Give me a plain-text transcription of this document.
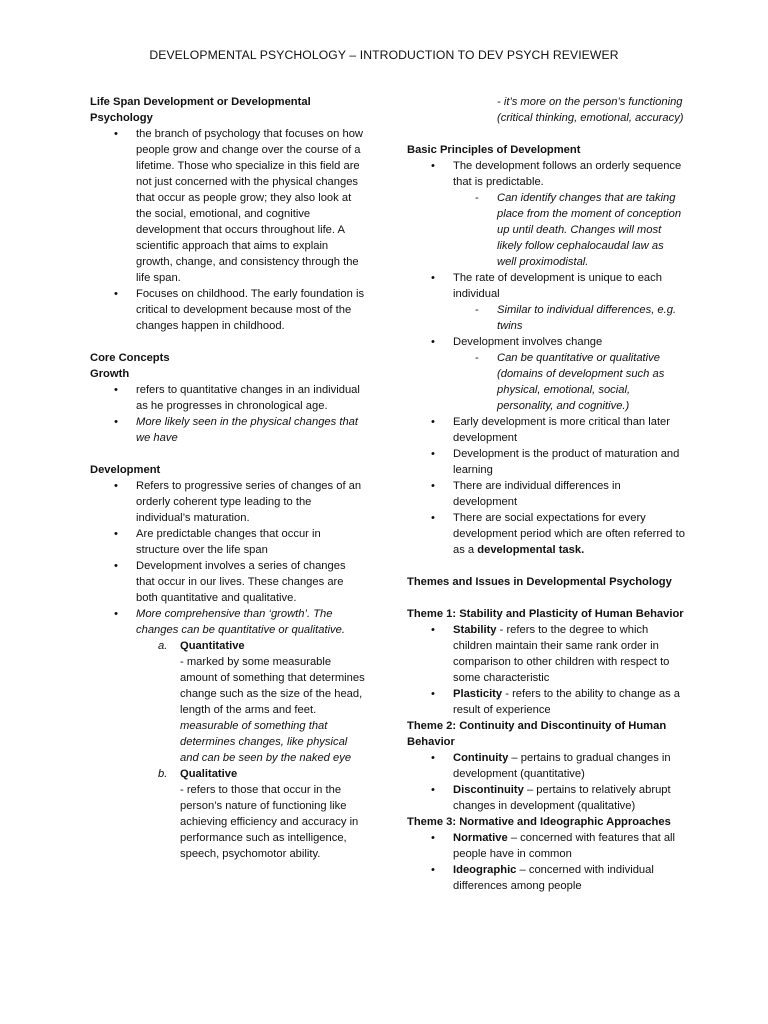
DEVELOPMENTAL PSYCHOLOGY – INTRODUCTION TO DEV PSYCH REVIEWER
Life Span Development or Developmental Psychology
• the branch of psychology that focuses on how people grow and change over the course of a lifetime. Those who specialize in this field are not just concerned with the physical changes that occur as people grow; they also look at the social, emotional, and cognitive development that occurs throughout life. A scientific approach that aims to explain growth, change, and consistency through the life span.
• Focuses on childhood. The early foundation is critical to development because most of the changes happen in childhood.
Core Concepts
Growth
• refers to quantitative changes in an individual as he progresses in chronological age.
• More likely seen in the physical changes that we have
Development
• Refers to progressive series of changes of an orderly coherent type leading to the individual’s maturation.
• Are predictable changes that occur in structure over the life span
• Development involves a series of changes that occur in our lives. These changes are both quantitative and qualitative.
• More comprehensive than ‘growth’. The changes can be quantitative or qualitative.
a. Quantitative
- marked by some measurable amount of something that determines change such as the size of the head, length of the arms and feet.
measurable of something that determines changes, like physical and can be seen by the naked eye
b. Qualitative
- refers to those that occur in the person’s nature of functioning like achieving efficiency and accuracy in performance such as intelligence, speech, psychomotor ability.
- it’s more on the person’s functioning (critical thinking, emotional, accuracy)
Basic Principles of Development
• The development follows an orderly sequence that is predictable.
- Can identify changes that are taking place from the moment of conception up until death. Changes will most likely follow cephalocaudal law as well proximodistal.
• The rate of development is unique to each individual
- Similar to individual differences, e.g. twins
• Development involves change
- Can be quantitative or qualitative (domains of development such as physical, emotional, social, personality, and cognitive.)
• Early development is more critical than later development
• Development is the product of maturation and learning
• There are individual differences in development
• There are social expectations for every development period which are often referred to as a developmental task.
Themes and Issues in Developmental Psychology
Theme 1: Stability and Plasticity of Human Behavior
• Stability - refers to the degree to which children maintain their same rank order in comparison to other children with respect to some characteristic
• Plasticity - refers to the ability to change as a result of experience
Theme 2: Continuity and Discontinuity of Human Behavior
• Continuity – pertains to gradual changes in development (quantitative)
• Discontinuity – pertains to relatively abrupt changes in development (qualitative)
Theme 3: Normative and Ideographic Approaches
• Normative – concerned with features that all people have in common
• Ideographic – concerned with individual differences among people
